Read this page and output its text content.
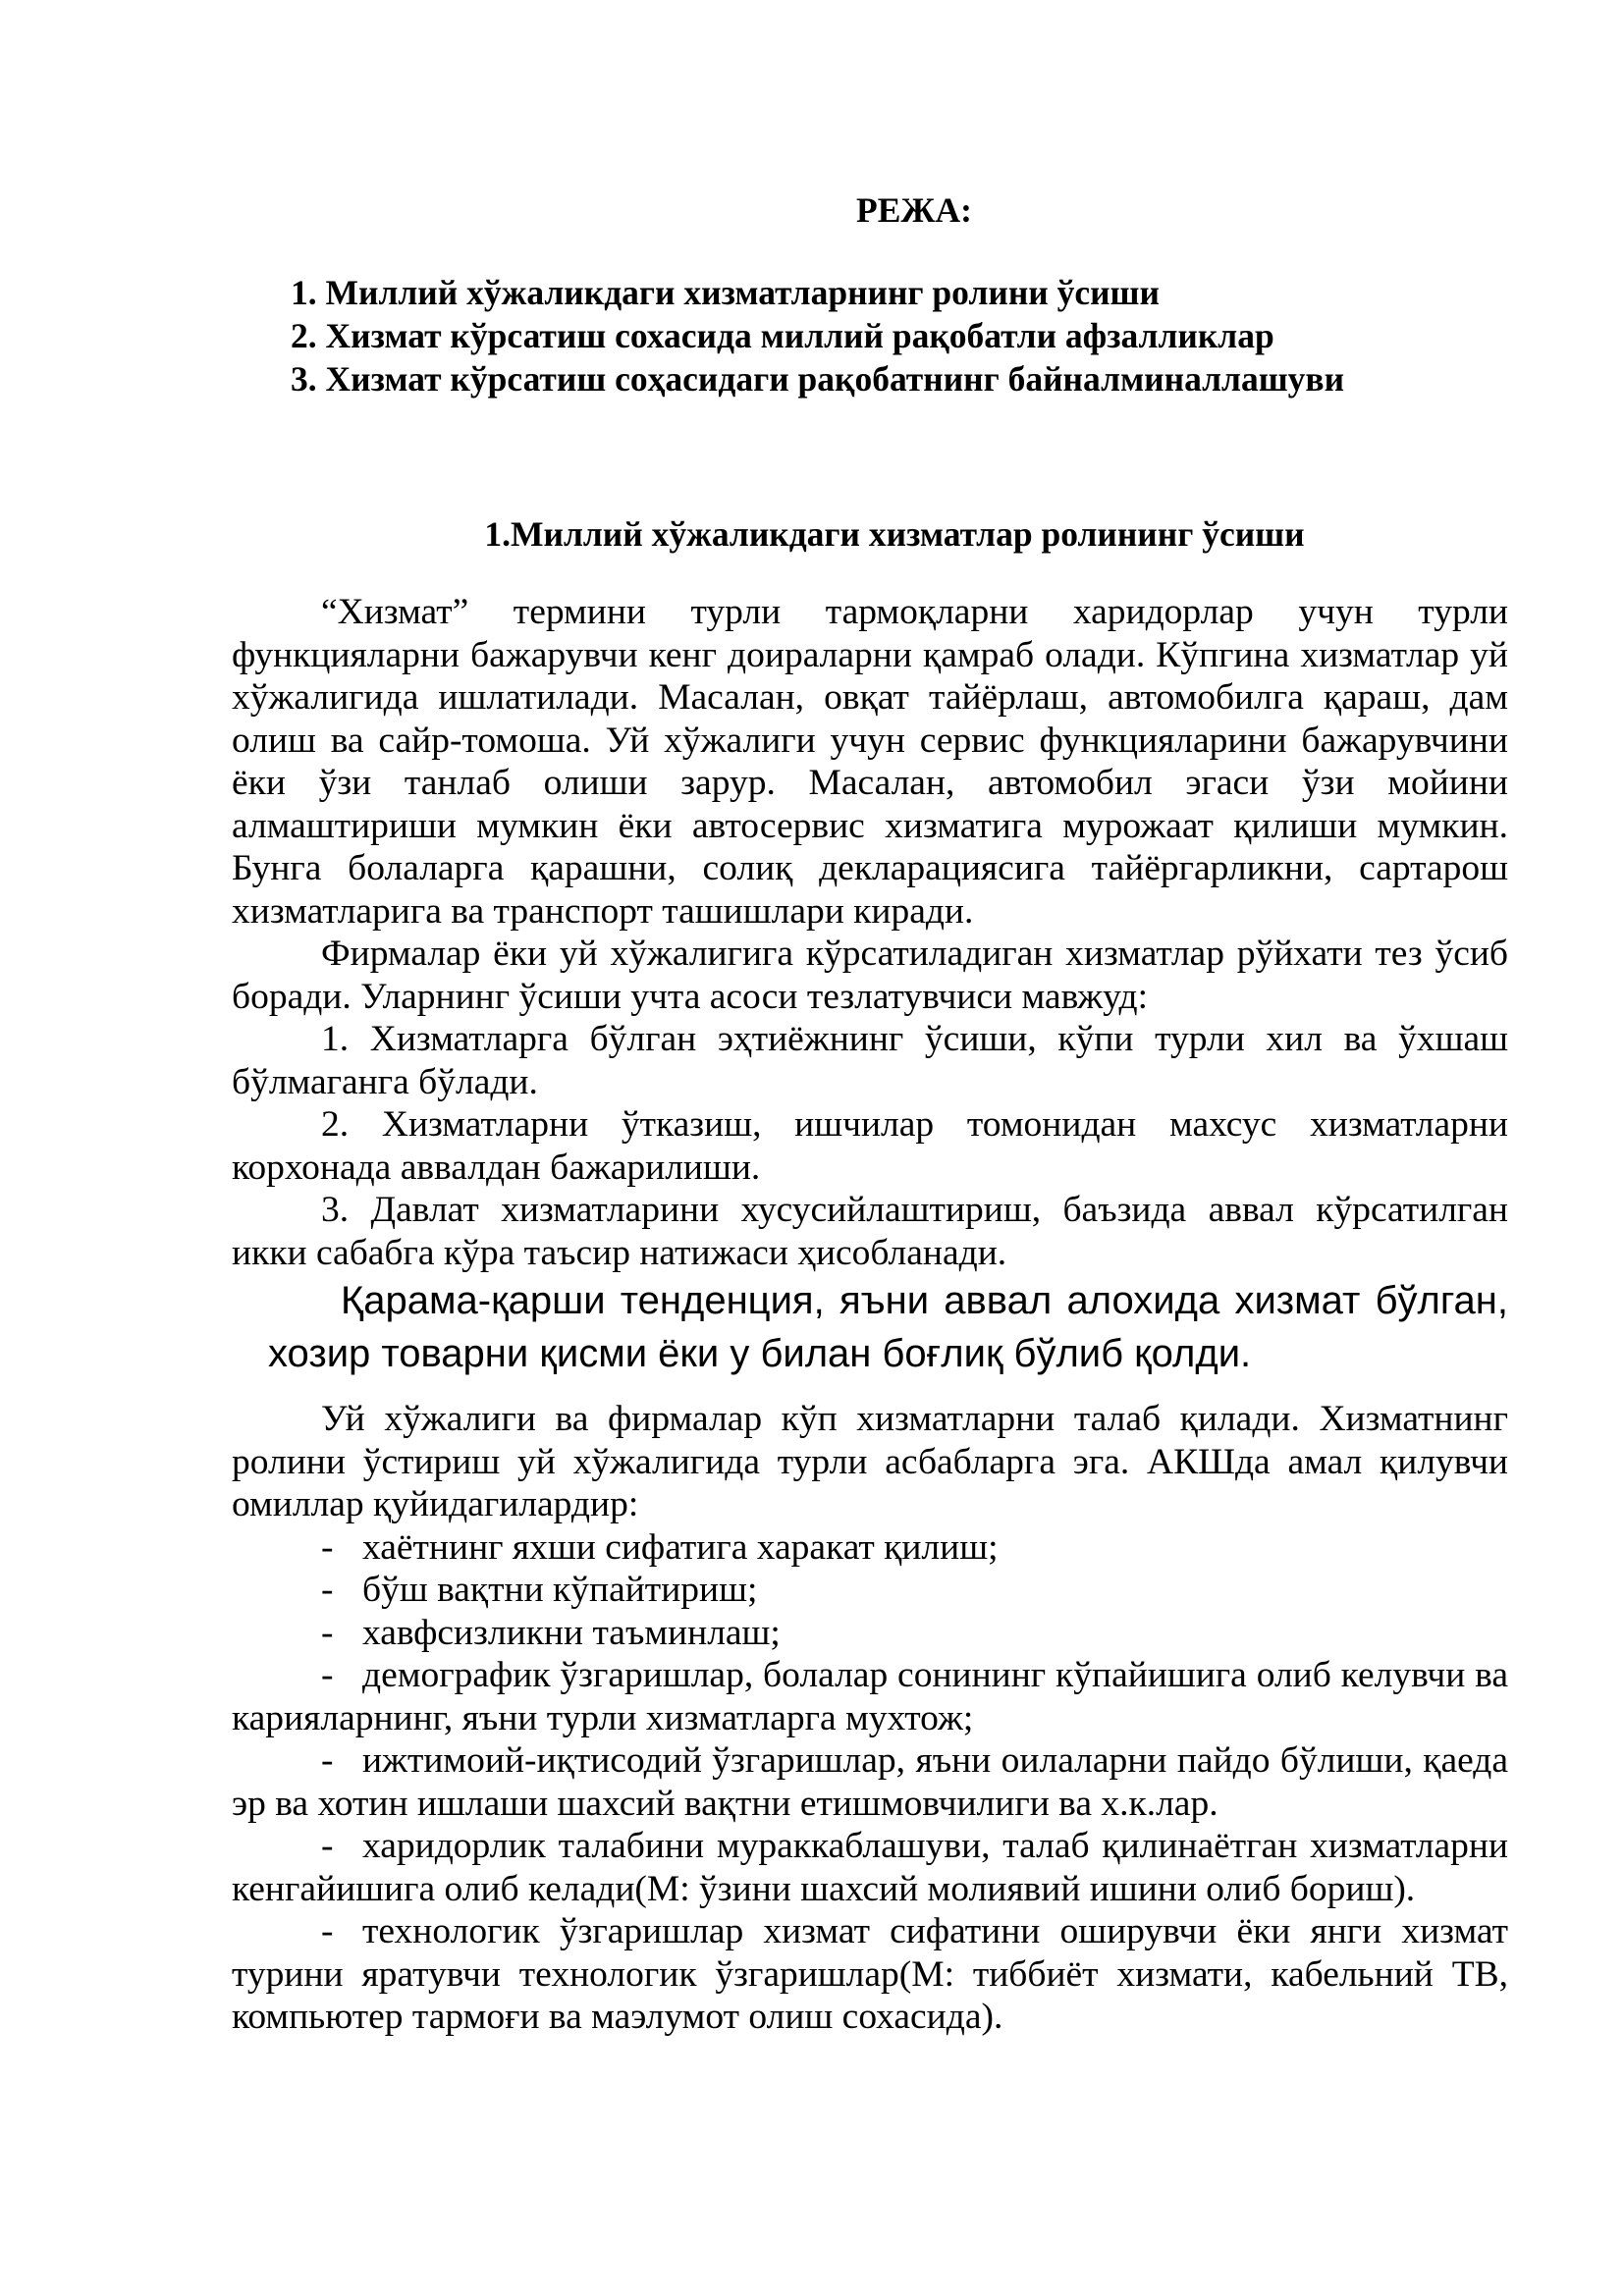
РЕЖА:
1. Миллий хўжаликдаги хизматларнинг ролини ўсиши
2. Хизмат кўрсатиш сохасида миллий рақобатли афзалликлар
3. Хизмат кўрсатиш соҳасидаги рақобатнинг байналминаллашуви
1.Миллий хўжаликдаги хизматлар ролининг ўсиши

“Хизмат” термини турли тармоқларни харидорлар учун турли функцияларни бажарувчи кенг доираларни қамраб олади. Кўпгина хизматлар уй хўжалигида ишлатилади. Масалан, овқат тайёрлаш, автомобилга қараш, дам олиш ва сайр-томоша. Уй хўжалиги учун сервис функцияларини бажарувчини ёки ўзи танлаб олиши зарур. Масалан, автомобил эгаси ўзи мойини алмаштириши мумкин ёки автосервис хизматига мурожаат қилиши мумкин. Бунга болаларга қарашни, солиқ декларациясига тайёргарликни, сартарош хизматларига ва транспорт ташишлари киради.

Фирмалар ёки уй хўжалигига кўрсатиладиган хизматлар рўйхати тез ўсиб боради. Уларнинг ўсиши учта асоси тезлатувчиси мавжуд:

1. Хизматларга бўлган эҳтиёжнинг ўсиши, кўпи турли хил ва ўхшаш бўлмаганга бўлади.

2. Хизматларни ўтказиш, ишчилар томонидан махсус хизматларни корхонада аввалдан бажарилиши.

3. Давлат хизматларини хусусийлаштириш, баъзида аввал кўрсатилган икки сабабга кўра таъсир натижаси ҳисобланади.

Қарама-қарши тенденция, яъни аввал алохида хизмат бўлган, хозир товарни қисми ёки у билан боғлиқ бўлиб қолди.

Уй хўжалиги ва фирмалар кўп хизматларни талаб қилади. Хизматнинг ролини ўстириш уй хўжалигида турли асбабларга эга. АКШда амал қилувчи омиллар қуйидагилардир:

- хаётнинг яхши сифатига харакат қилиш;

- бўш вақтни кўпайтириш;

- хавфсизликни таъминлаш;

- демографик ўзгаришлар, болалар сонининг кўпайишига олиб келувчи ва карияларнинг, яъни турли хизматларга мухтож;

- ижтимоий-иқтисодий ўзгаришлар, яъни оилаларни пайдо бўлиши, қаеда эр ва хотин ишлаши шахсий вақтни етишмовчилиги ва х.к.лар.

- харидорлик талабини мураккаблашуви, талаб қилинаётган хизматларни кенгайишига олиб келади(М: ўзини шахсий молиявий ишини олиб бориш).

- технологик ўзгаришлар хизмат сифатини оширувчи ёки янги хизмат турини яратувчи технологик ўзгаришлар(М: тиббиёт хизмати, кабельний ТВ, компьютер тармоғи ва маэлумот олиш сохасида).
